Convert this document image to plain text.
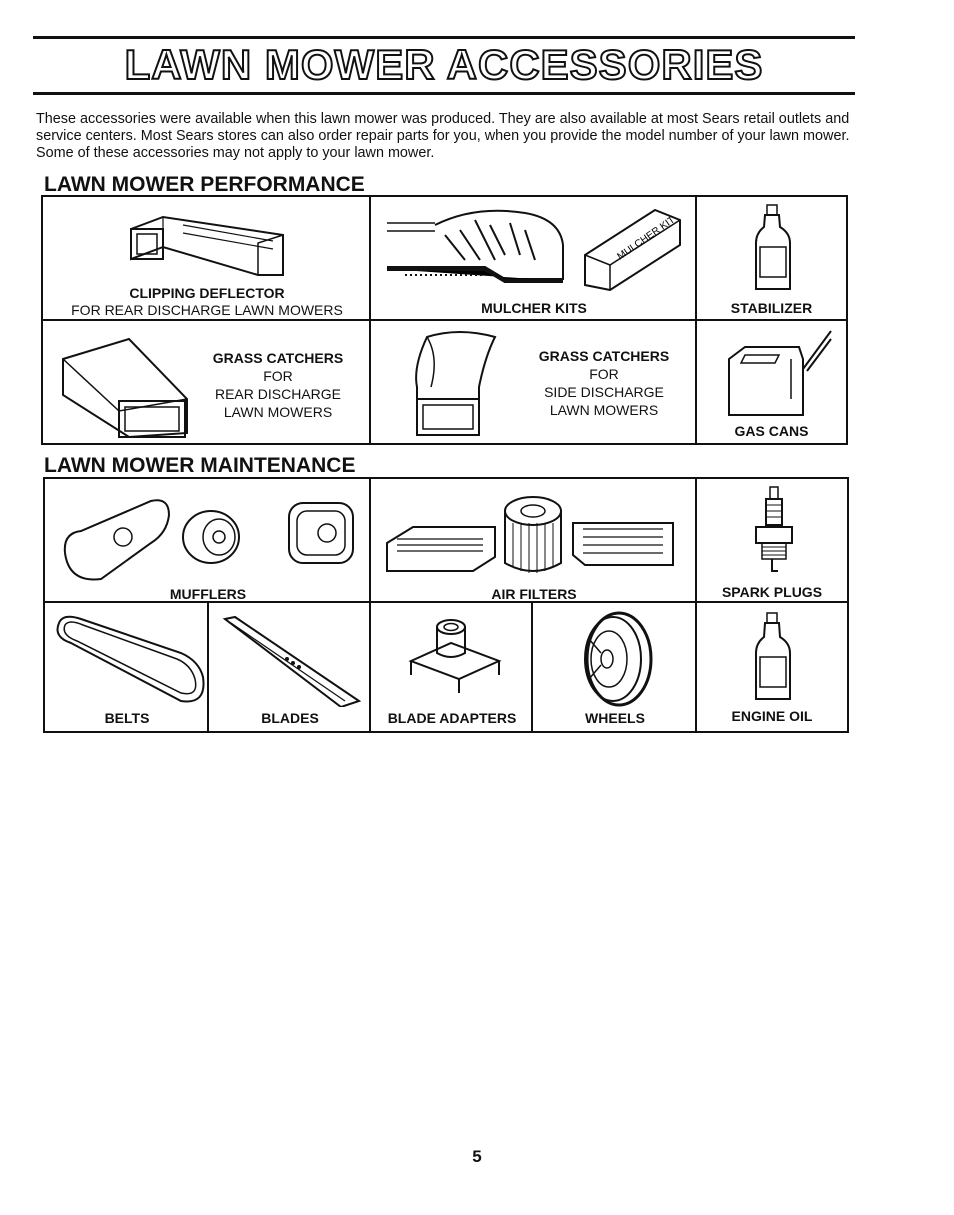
LAWN MOWER ACCESSORIES

These accessories were available when this lawn mower was produced. They are also available at most Sears retail outlets and service centers. Most Sears stores can also order repair parts for you, when you provide the model number of your lawn mower. Some of these accessories may not apply to your lawn mower.

LAWN MOWER PERFORMANCE
CLIPPING DEFLECTOR
FOR REAR DISCHARGE LAWN MOWERS
MULCHER KIT
MULCHER KITS	STABILIZER
GRASS CATCHERS
FOR
REAR DISCHARGE
LAWN MOWERS
GRASS CATCHERS
FOR
SIDE DISCHARGE
LAWN MOWERS
GAS CANS
LAWN MOWER MAINTENANCE
MUFFLERS	AIR FILTERS	SPARK PLUGS
BELTS	BLADES	BLADE ADAPTERS	WHEELS	ENGINE OIL
5
